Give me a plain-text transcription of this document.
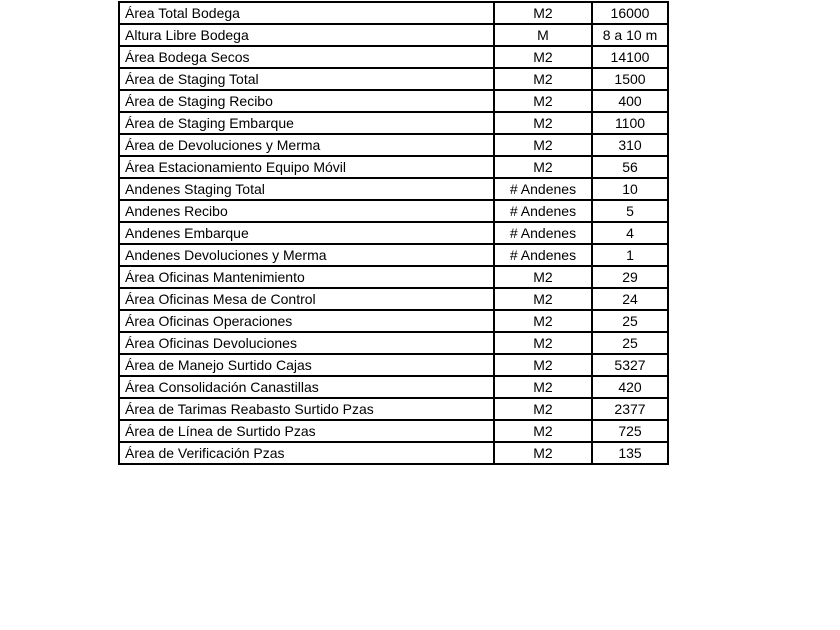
Área Total Bodega	M2	16000
Altura Libre Bodega	M	8 a 10 m
Área Bodega Secos	M2	14100
Área de Staging Total	M2	1500
Área de Staging Recibo	M2	400
Área de Staging Embarque	M2	1100
Área de Devoluciones y Merma	M2	310
Área Estacionamiento Equipo Móvil	M2	56
Andenes Staging Total	# Andenes	10
Andenes Recibo	# Andenes	5
Andenes Embarque	# Andenes	4
Andenes Devoluciones y Merma	# Andenes	1
Área Oficinas Mantenimiento	M2	29
Área Oficinas Mesa de Control	M2	24
Área Oficinas Operaciones	M2	25
Área Oficinas Devoluciones	M2	25
Área de Manejo Surtido Cajas	M2	5327
Área Consolidación Canastillas	M2	420
Área de Tarimas Reabasto Surtido Pzas	M2	2377
Área de Línea de Surtido Pzas	M2	725
Área de Verificación Pzas	M2	135
